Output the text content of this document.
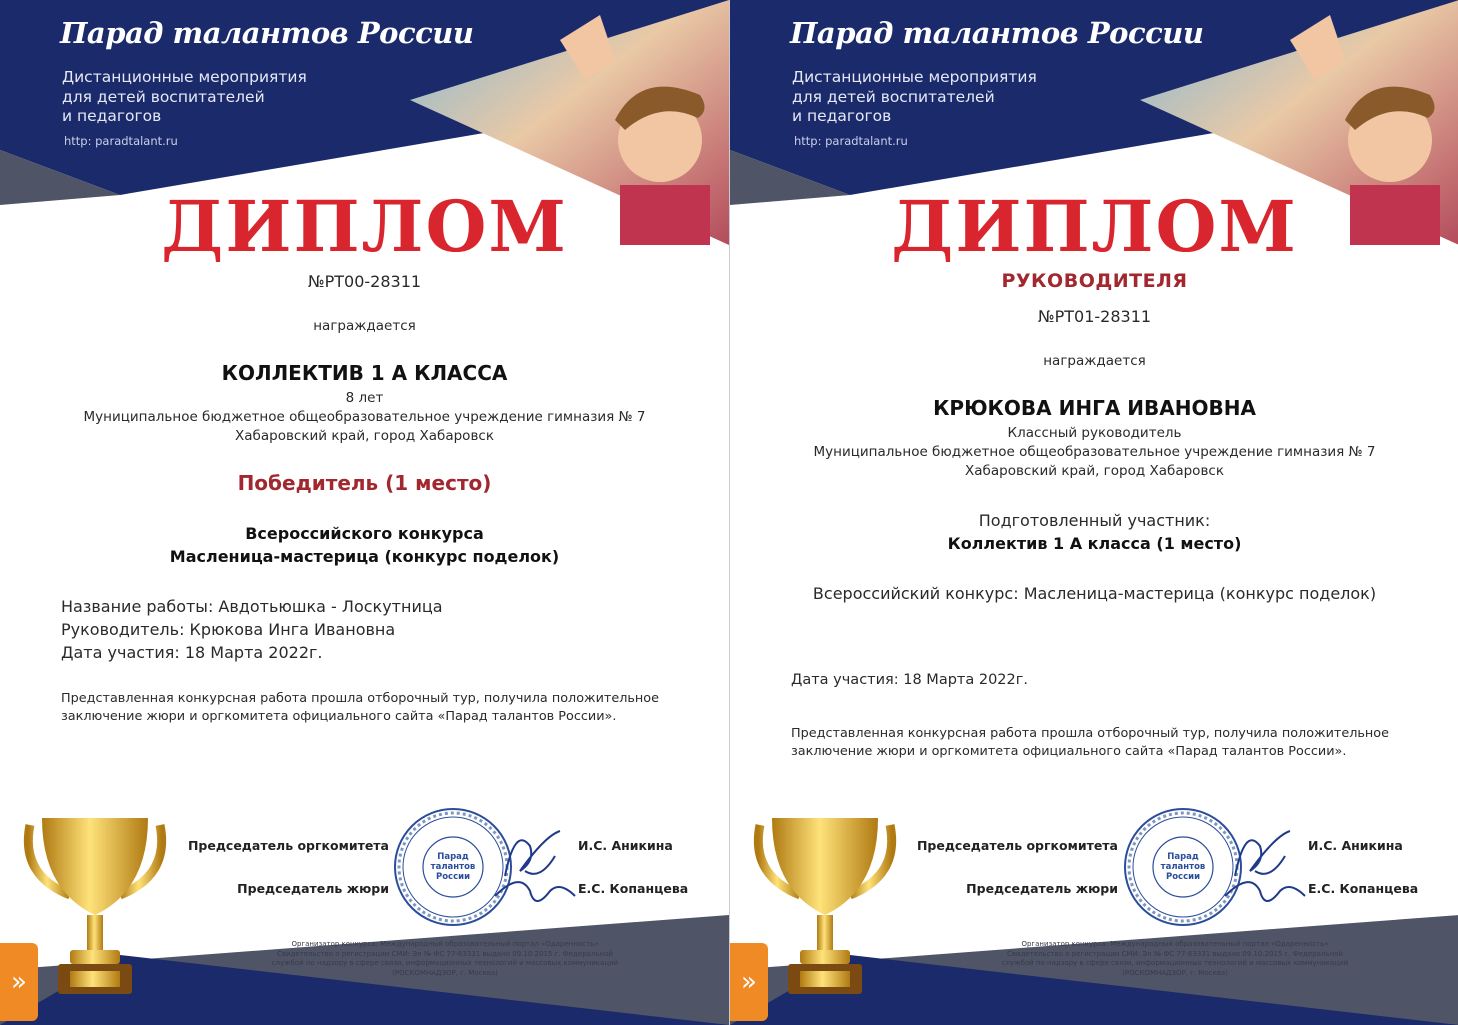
Парад талантов России
Дистанционные мероприятия
для детей воспитателей
и педагогов
http: paradtalant.ru
ДИПЛОМ
№РТ00-28311
награждается
КОЛЛЕКТИВ 1 А КЛАССА
8 лет
Муниципальное бюджетное общеобразовательное учреждение гимназия № 7
Хабаровский край, город Хабаровск
Победитель (1 место)
Всероссийского конкурса
Масленица-мастерица (конкурс поделок)
Название работы: Авдотьюшка - Лоскутница
Руководитель: Крюкова Инга Ивановна
Дата участия: 18 Марта 2022г.
Представленная конкурсная работа прошла отборочный тур, получила положительное заключение жюри и оргкомитета официального сайта «Парад талантов России».
»
Председатель оргкомитета
Председатель жюри
Парад талантов России
И.С. Аникина
Е.С. Копанцева
Организатор конкурса: Международный образовательный портал «Одаренность» Свидетельство о регистрации СМИ: Эл № ФС 77-63331 выдано 09.10.2015 г. Федеральной службой по надзору в сфере связи, информационных технологий и массовых коммуникаций (РОСКОМНАДЗОР, г. Москва)
Парад талантов России
Дистанционные мероприятия
для детей воспитателей
и педагогов
http: paradtalant.ru
ДИПЛОМ
РУКОВОДИТЕЛЯ
№РТ01-28311
награждается
КРЮКОВА ИНГА ИВАНОВНА
Классный руководитель
Муниципальное бюджетное общеобразовательное учреждение гимназия № 7
Хабаровский край, город Хабаровск
Подготовленный участник:
Коллектив 1 А класса (1 место)
Всероссийский конкурс: Масленица-мастерица (конкурс поделок)
Дата участия: 18 Марта 2022г.
Представленная конкурсная работа прошла отборочный тур, получила положительное заключение жюри и оргкомитета официального сайта «Парад талантов России».
»
Председатель оргкомитета
Председатель жюри
Парад талантов России
И.С. Аникина
Е.С. Копанцева
Организатор конкурса: Международный образовательный портал «Одаренность» Свидетельство о регистрации СМИ: Эл № ФС 77-63331 выдано 09.10.2015 г. Федеральной службой по надзору в сфере связи, информационных технологий и массовых коммуникаций (РОСКОМНАДЗОР, г. Москва)
